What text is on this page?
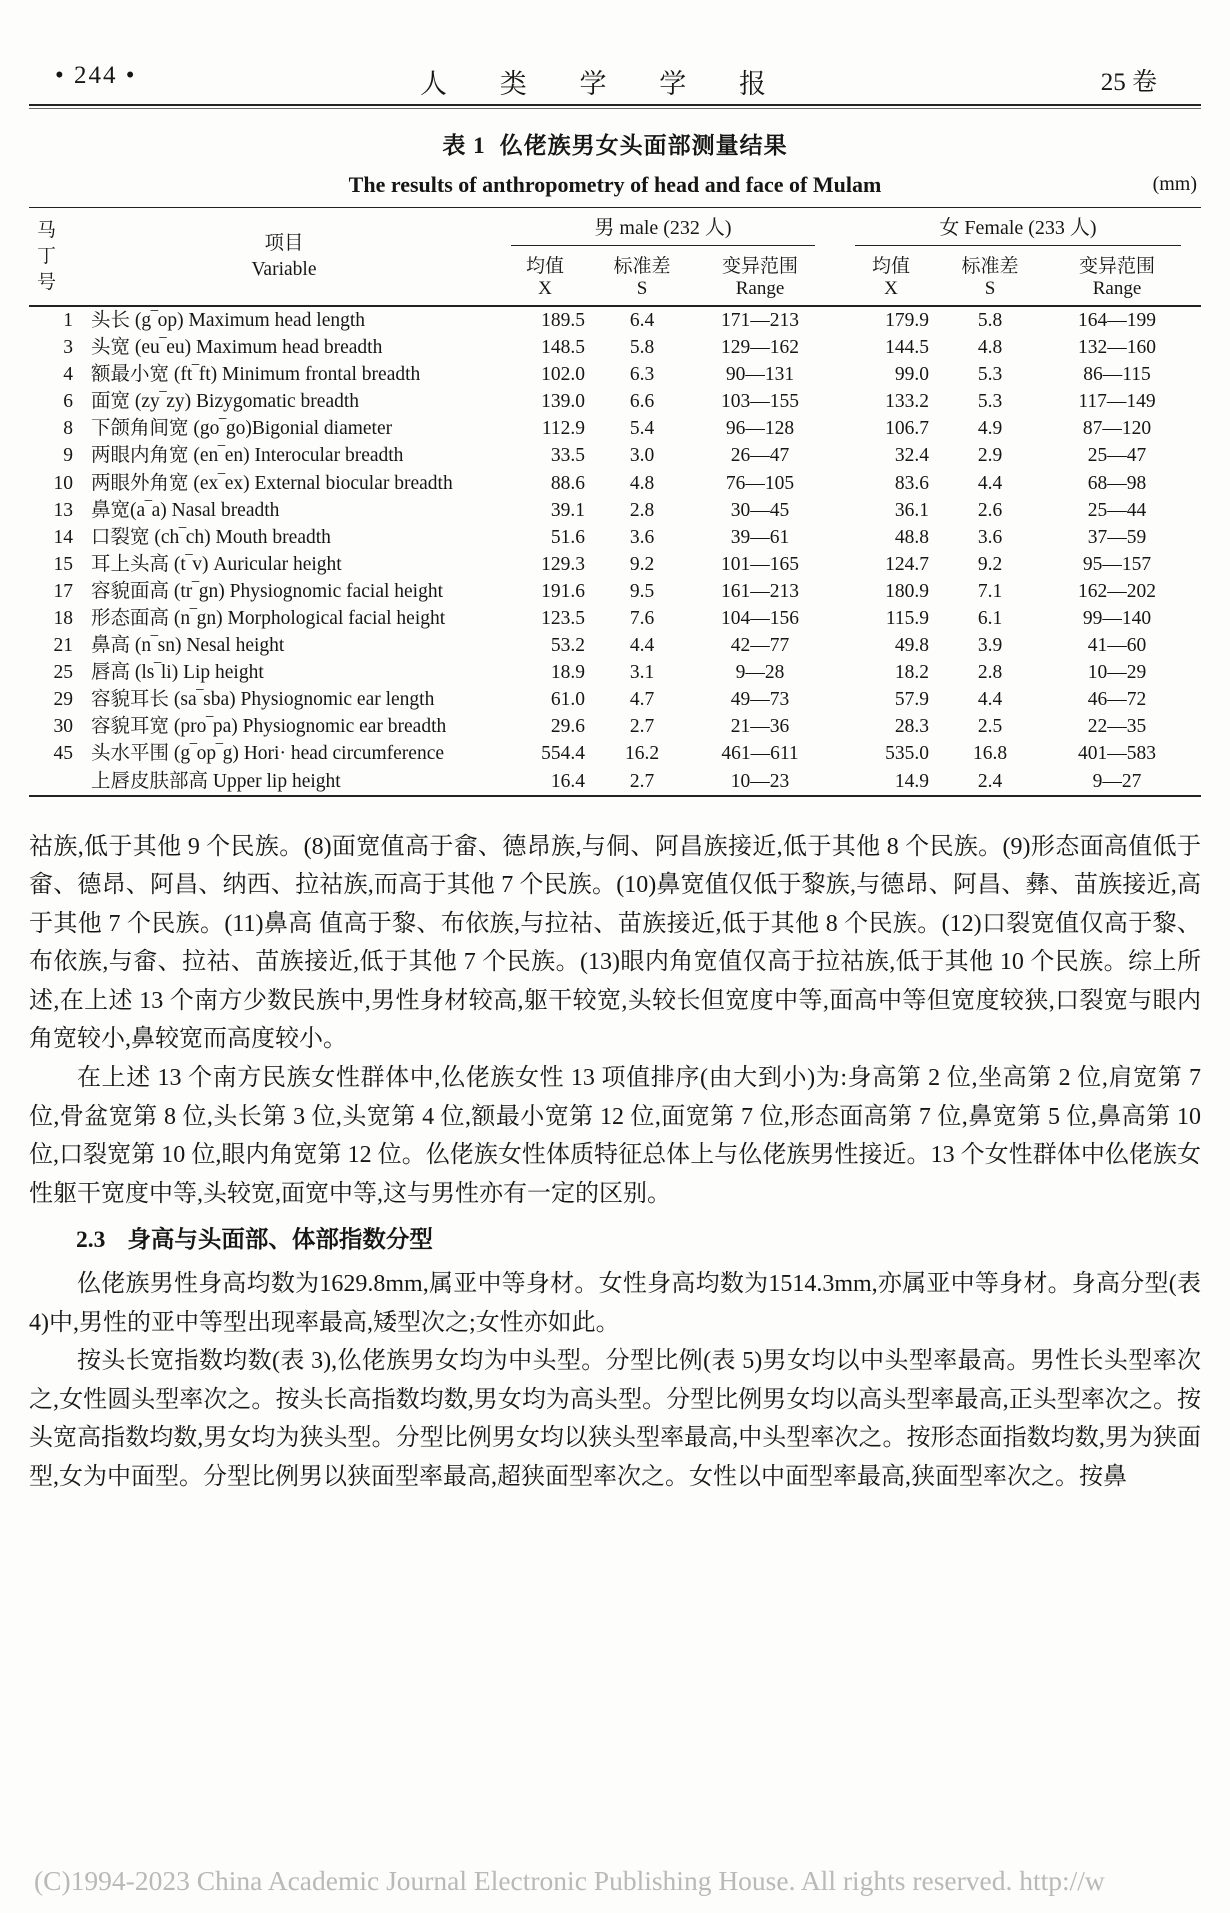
• 244 •	人 类 学 学 报	25 卷
表 1 仫佬族男女头面部测量结果
The results of anthropometry of head and face of Mulam	(mm)
马
丁
号

项目
Variable

男 male (232 人)	女 Female (233 人)

		均值	标准差	变异范围	均值	标准差	变异范围
		X	S	Range	X	S	Range
1	头长 (g‾op) Maximum head length	189.5	6.4	171—213	179.9	5.8	164—199
3	头宽 (eu‾eu) Maximum head breadth	148.5	5.8	129—162	144.5	4.8	132—160
4	额最小宽 (ft‾ft) Minimum frontal breadth	102.0	6.3	90—131	99.0	5.3	86—115
6	面宽 (zy‾zy) Bizygomatic breadth	139.0	6.6	103—155	133.2	5.3	117—149
8	下颌角间宽 (go‾go)Bigonial diameter	112.9	5.4	96—128	106.7	4.9	87—120
9	两眼内角宽 (en‾en) Interocular breadth	33.5	3.0	26—47	32.4	2.9	25—47
10	两眼外角宽 (ex‾ex) External biocular breadth	88.6	4.8	76—105	83.6	4.4	68—98
13	鼻宽(a‾a) Nasal breadth	39.1	2.8	30—45	36.1	2.6	25—44
14	口裂宽 (ch‾ch) Mouth breadth	51.6	3.6	39—61	48.8	3.6	37—59
15	耳上头高 (t‾v) Auricular height	129.3	9.2	101—165	124.7	9.2	95—157
17	容貌面高 (tr‾gn) Physiognomic facial height	191.6	9.5	161—213	180.9	7.1	162—202
18	形态面高 (n‾gn) Morphological facial height	123.5	7.6	104—156	115.9	6.1	99—140
21	鼻高 (n‾sn) Nesal height	53.2	4.4	42—77	49.8	3.9	41—60
25	唇高 (ls‾li) Lip height	18.9	3.1	9—28	18.2	2.8	10—29
29	容貌耳长 (sa‾sba) Physiognomic ear length	61.0	4.7	49—73	57.9	4.4	46—72
30	容貌耳宽 (pro‾pa) Physiognomic ear breadth	29.6	2.7	21—36	28.3	2.5	22—35
45	头水平围 (g‾op‾g) Hori· head circumference	554.4	16.2	461—611	535.0	16.8	401—583
	上唇皮肤部高 Upper lip height	16.4	2.7	10—23	14.9	2.4	9—27

祜族,低于其他 9 个民族。(8)面宽值高于畲、德昂族,与侗、阿昌族接近,低于其他 8 个民族。(9)形态面高值低于畲、德昂、阿昌、纳西、拉祜族,而高于其他 7 个民族。(10)鼻宽值仅低于黎族,与德昂、阿昌、彝、苗族接近,高于其他 7 个民族。(11)鼻高 值高于黎、布依族,与拉祜、苗族接近,低于其他 8 个民族。(12)口裂宽值仅高于黎、布依族,与畲、拉祜、苗族接近,低于其他 7 个民族。(13)眼内角宽值仅高于拉祜族,低于其他 10 个民族。综上所述,在上述 13 个南方少数民族中,男性身材较高,躯干较宽,头较长但宽度中等,面高中等但宽度较狭,口裂宽与眼内角宽较小,鼻较宽而高度较小。

在上述 13 个南方民族女性群体中,仫佬族女性 13 项值排序(由大到小)为:身高第 2 位,坐高第 2 位,肩宽第 7 位,骨盆宽第 8 位,头长第 3 位,头宽第 4 位,额最小宽第 12 位,面宽第 7 位,形态面高第 7 位,鼻宽第 5 位,鼻高第 10 位,口裂宽第 10 位,眼内角宽第 12 位。仫佬族女性体质特征总体上与仫佬族男性接近。13 个女性群体中仫佬族女性躯干宽度中等,头较宽,面宽中等,这与男性亦有一定的区别。

2.3 身高与头面部、体部指数分型

仫佬族男性身高均数为1629.8mm,属亚中等身材。女性身高均数为1514.3mm,亦属亚中等身材。身高分型(表 4)中,男性的亚中等型出现率最高,矮型次之;女性亦如此。

按头长宽指数均数(表 3),仫佬族男女均为中头型。分型比例(表 5)男女均以中头型率最高。男性长头型率次之,女性圆头型率次之。按头长高指数均数,男女均为高头型。分型比例男女均以高头型率最高,正头型率次之。按头宽高指数均数,男女均为狭头型。分型比例男女均以狭头型率最高,中头型率次之。按形态面指数均数,男为狭面型,女为中面型。分型比例男以狭面型率最高,超狭面型率次之。女性以中面型率最高,狭面型率次之。按鼻

(C)1994-2023 China Academic Journal Electronic Publishing House. All rights reserved. http://w
